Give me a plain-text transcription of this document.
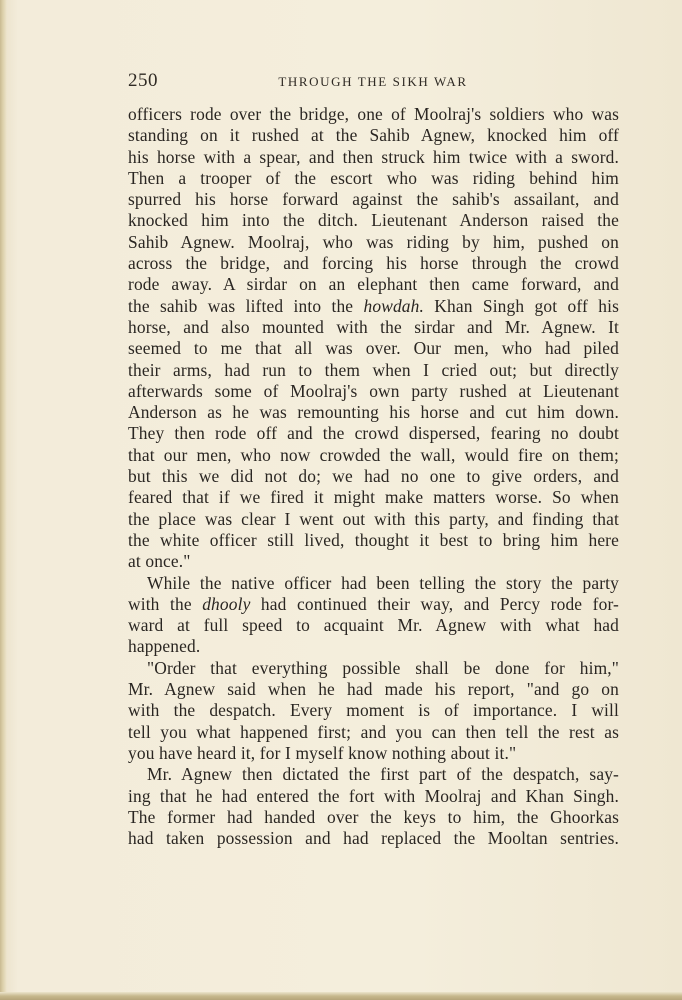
250	THROUGH THE SIKH WAR
officers rode over the bridge, one of Moolraj's soldiers who was
standing on it rushed at the Sahib Agnew, knocked him off
his horse with a spear, and then struck him twice with a sword.
Then a trooper of the escort who was riding behind him
spurred his horse forward against the sahib's assailant, and
knocked him into the ditch. Lieutenant Anderson raised the
Sahib Agnew. Moolraj, who was riding by him, pushed on
across the bridge, and forcing his horse through the crowd
rode away. A sirdar on an elephant then came forward, and
the sahib was lifted into the howdah. Khan Singh got off his
horse, and also mounted with the sirdar and Mr. Agnew. It
seemed to me that all was over. Our men, who had piled
their arms, had run to them when I cried out; but directly
afterwards some of Moolraj's own party rushed at Lieutenant
Anderson as he was remounting his horse and cut him down.
They then rode off and the crowd dispersed, fearing no doubt
that our men, who now crowded the wall, would fire on them;
but this we did not do; we had no one to give orders, and
feared that if we fired it might make matters worse. So when
the place was clear I went out with this party, and finding that
the white officer still lived, thought it best to bring him here
at once."
While the native officer had been telling the story the party
with the dhooly had continued their way, and Percy rode for-
ward at full speed to acquaint Mr. Agnew with what had
happened.
"Order that everything possible shall be done for him,"
Mr. Agnew said when he had made his report, "and go on
with the despatch. Every moment is of importance. I will
tell you what happened first; and you can then tell the rest as
you have heard it, for I myself know nothing about it."
Mr. Agnew then dictated the first part of the despatch, say-
ing that he had entered the fort with Moolraj and Khan Singh.
The former had handed over the keys to him, the Ghoorkas
had taken possession and had replaced the Mooltan sentries.
